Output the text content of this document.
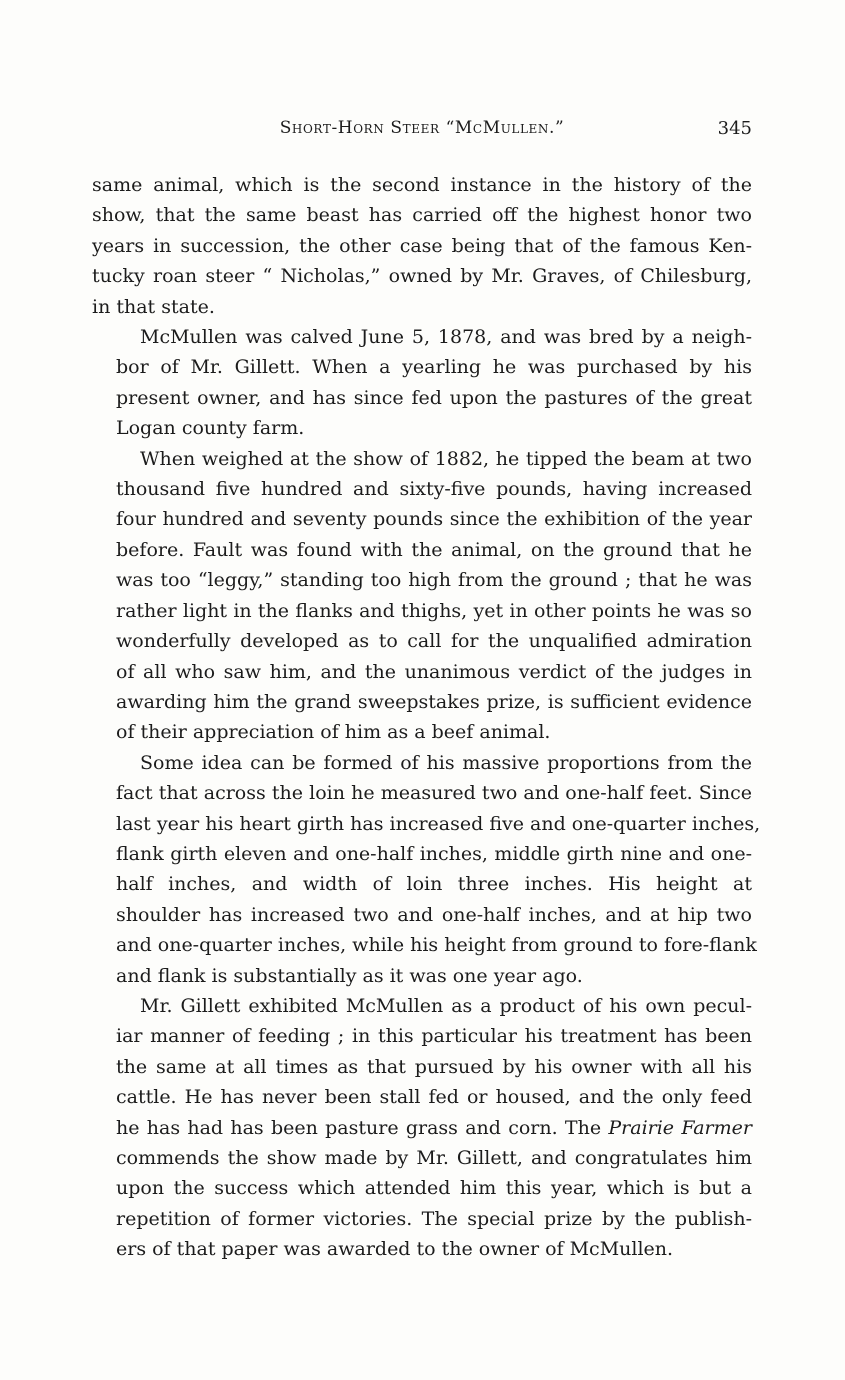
Short-Horn Steer “McMullen.”	345

same animal, which is the second instance in the history of the
show, that the same beast has carried off the highest honor two
years in succession, the other case being that of the famous Ken-
tucky roan steer “ Nicholas,” owned by Mr. Graves, of Chilesburg,
in that state.

McMullen was calved June 5, 1878, and was bred by a neigh-
bor of Mr. Gillett. When a yearling he was purchased by his
present owner, and has since fed upon the pastures of the great
Logan county farm.

When weighed at the show of 1882, he tipped the beam at two
thousand five hundred and sixty-five pounds, having increased
four hundred and seventy pounds since the exhibition of the year
before. Fault was found with the animal, on the ground that he
was too “leggy,” standing too high from the ground ; that he was
rather light in the flanks and thighs, yet in other points he was so
wonderfully developed as to call for the unqualified admiration
of all who saw him, and the unanimous verdict of the judges in
awarding him the grand sweepstakes prize, is sufficient evidence
of their appreciation of him as a beef animal.

Some idea can be formed of his massive proportions from the
fact that across the loin he measured two and one-half feet. Since
last year his heart girth has increased five and one-quarter inches,
flank girth eleven and one-half inches, middle girth nine and one-
half inches, and width of loin three inches. His height at
shoulder has increased two and one-half inches, and at hip two
and one-quarter inches, while his height from ground to fore-flank
and flank is substantially as it was one year ago.

Mr. Gillett exhibited McMullen as a product of his own pecul-
iar manner of feeding ; in this particular his treatment has been
the same at all times as that pursued by his owner with all his
cattle. He has never been stall fed or housed, and the only feed
he has had has been pasture grass and corn. The Prairie Farmer
commends the show made by Mr. Gillett, and congratulates him
upon the success which attended him this year, which is but a
repetition of former victories. The special prize by the publish-
ers of that paper was awarded to the owner of McMullen.
